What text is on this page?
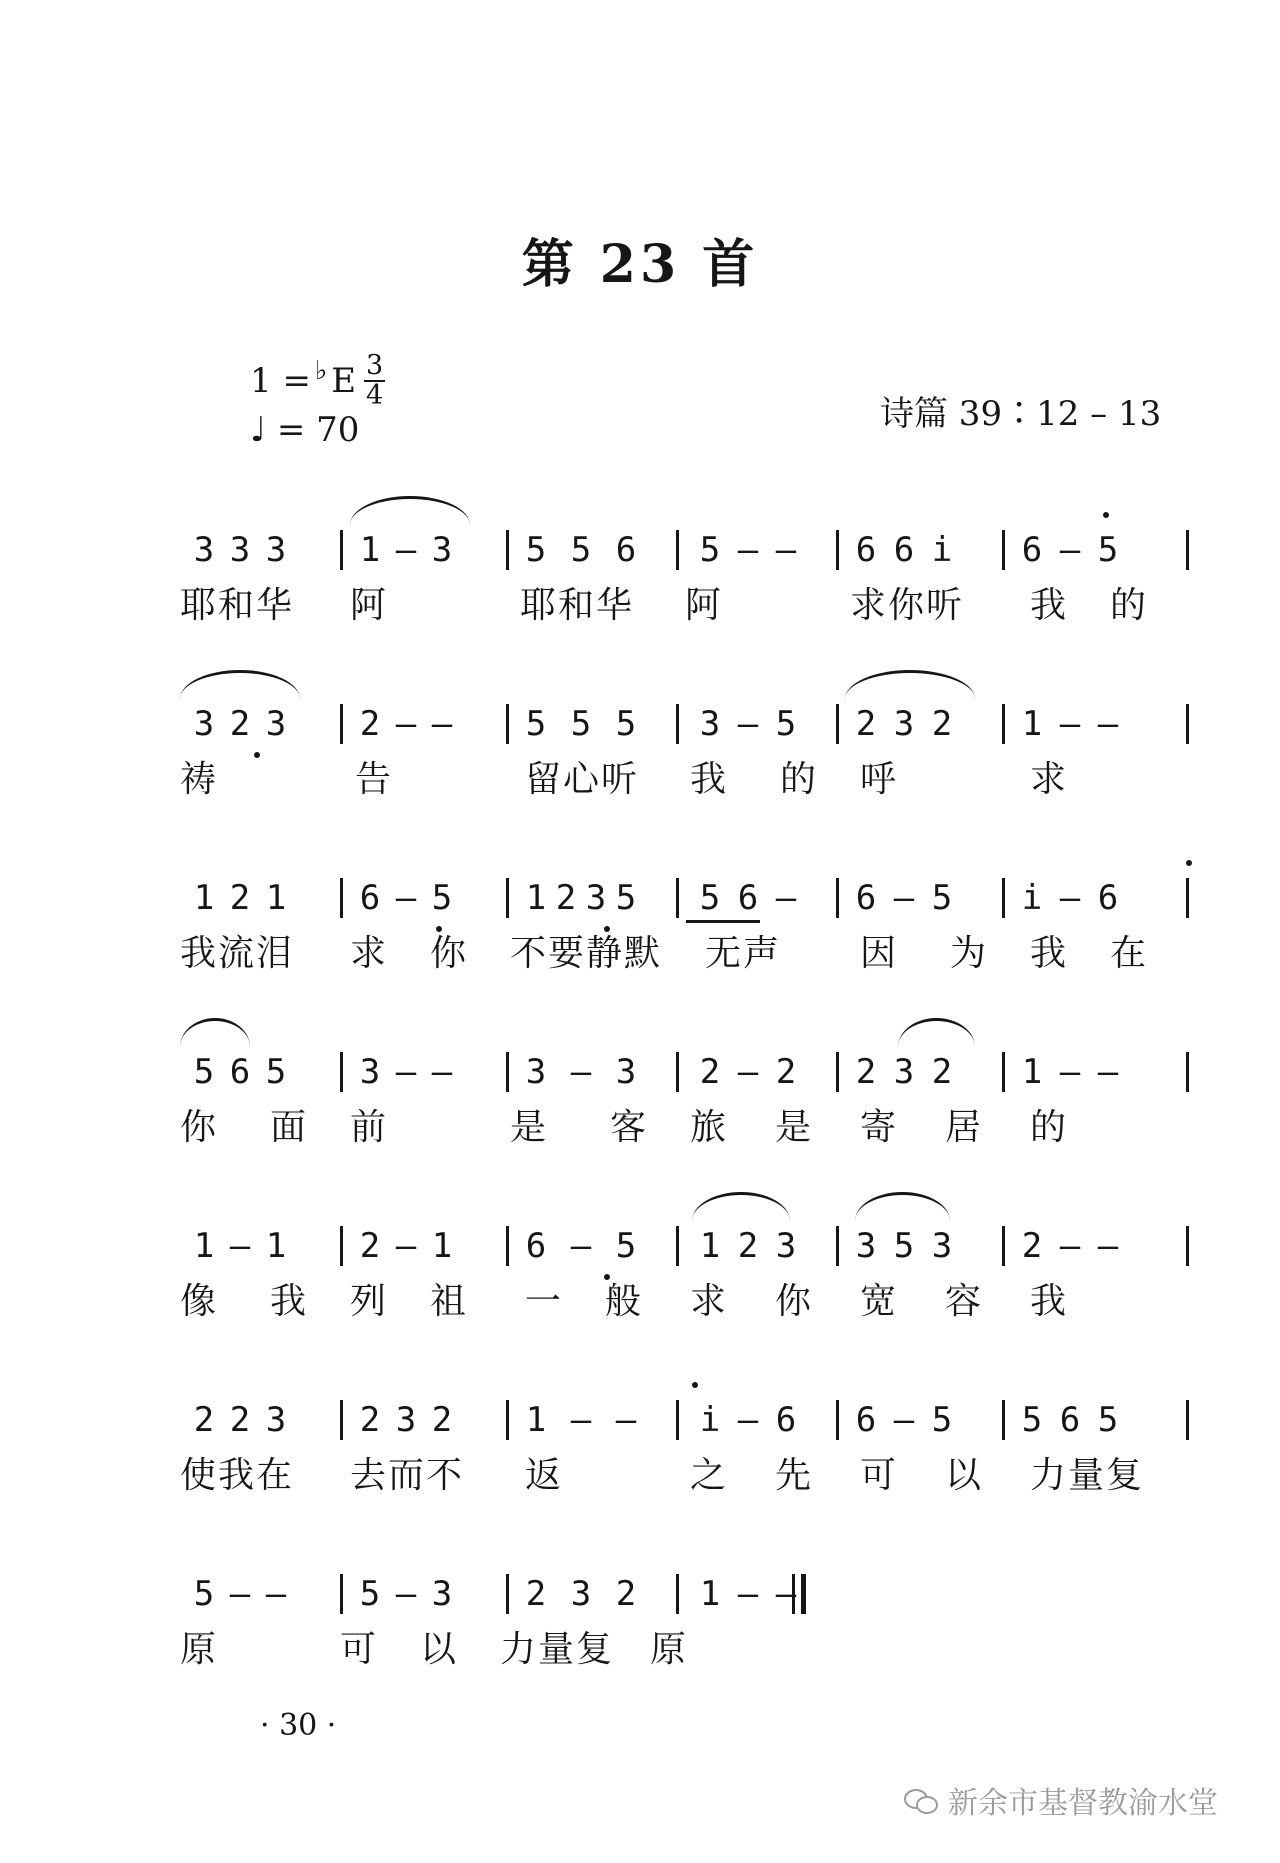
第 23 首
1 = ♭ E $\frac{3}{4}$
♩ = 70	诗篇 39∶12 – 13
3 3 3 1 – 3 5 5 6 5 – – 6 6 i 6 – 5
耶和华 阿	耶和华 阿	求你听 我 的
3 2 3 2 – – 5 5 5 3 – 5 2 3 2 1 – –
祷	告	留心听 我 的 呼	求
1 2 1 6 – 5 1 2 3 5 5 6 – 6 – 5 i – 6
我流泪 求 你 不要静默 无声 因 为 我 在
5 6 5 3 – – 3 – 3 2 – 2 2 3 2 1 – –
你 面 前	是 客 旅 是 寄 居 的
1 – 1 2 – 1 6 – 5 1 2 3 3 5 3 2 – –
像 我 列 祖 一 般 求 你 宽 容 我
2 2 3 2 3 2 1 – – i – 6 6 – 5 5 6 5
使我在 去而不 返	之 先 可 以 力量复
5 – – 5 – 3 2 3 2 1 – –
原	可 以 力量复 原
· 30 ·
新余市基督教渝水堂
